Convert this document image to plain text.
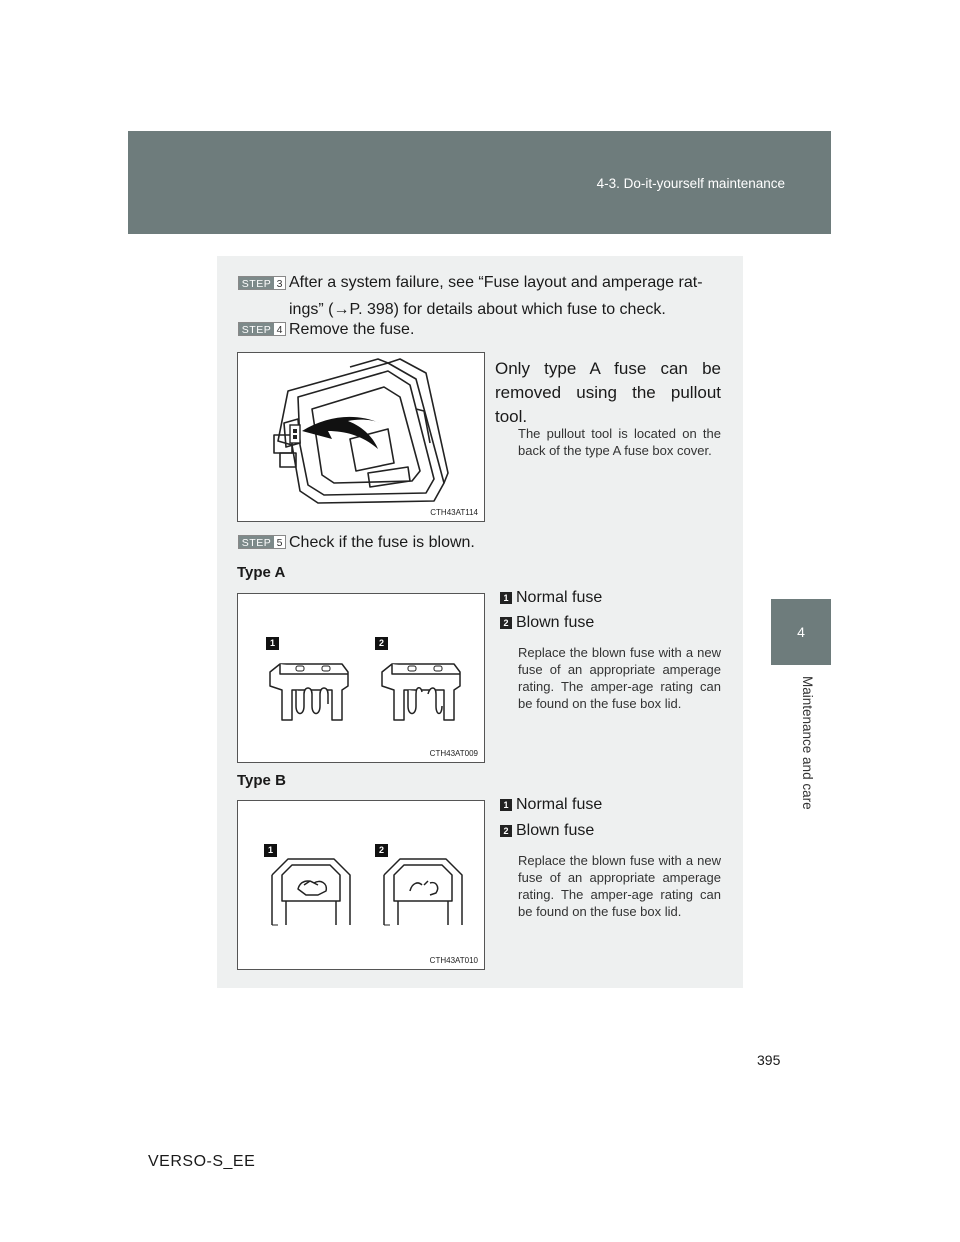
4-3. Do-it-yourself maintenance
4
Maintenance and care
STEP 3 After a system failure, see “Fuse layout and amperage rat-
ings” (→P. 398) for details about which fuse to check.
STEP 4 Remove the fuse.
CTH43AT114
Only type A fuse can be removed using the pullout tool.
The pullout tool is located on the back of the type A fuse box cover.
STEP 5 Check if the fuse is blown.
Type A
1	2
CTH43AT009
1 Normal fuse
2 Blown fuse
Replace the blown fuse with a new fuse of an appropriate amperage rating. The amper-age rating can be found on the fuse box lid.
Type B
1	2
CTH43AT010
1 Normal fuse
2 Blown fuse
Replace the blown fuse with a new fuse of an appropriate amperage rating. The amper-age rating can be found on the fuse box lid.
395
VERSO-S_EE
